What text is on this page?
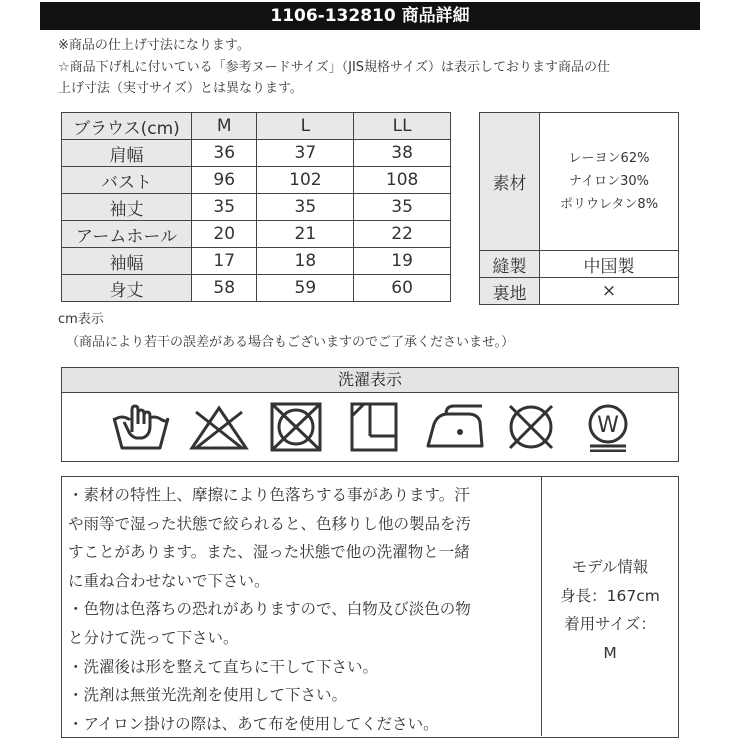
1106-132810 商品詳細
※商品の仕上げ寸法になります。
☆商品下げ札に付いている「参考ヌードサイズ」（JIS規格サイズ）は表示しております商品の仕
上げ寸法（実寸サイズ）とは異なります。
ブラウス(cm)	M	L	LL
肩幅	36	37	38
バスト	96	102	108
袖丈	35	35	35
アームホール	20	21	22
袖幅	17	18	19
身丈	58	59	60
素材	レーヨン62%
ナイロン30%
ポリウレタン8%

縫製	中国製
裏地	×
cm表示
（商品により若干の誤差がある場合もございますのでご了承くださいませ。）
洗濯表示
W
・素材の特性上、摩擦により色落ちする事があります。汗
や雨等で湿った状態で絞られると、色移りし他の製品を汚
すことがあります。また、湿った状態で他の洗濯物と一緒
に重ね合わせないで下さい。
・色物は色落ちの恐れがありますので、白物及び淡色の物
と分けて洗って下さい。
・洗濯後は形を整えて直ちに干して下さい。
・洗剤は無蛍光洗剤を使用して下さい。
・アイロン掛けの際は、あて布を使用してください。
モデル情報
身長：167cm
着用サイズ：
M
